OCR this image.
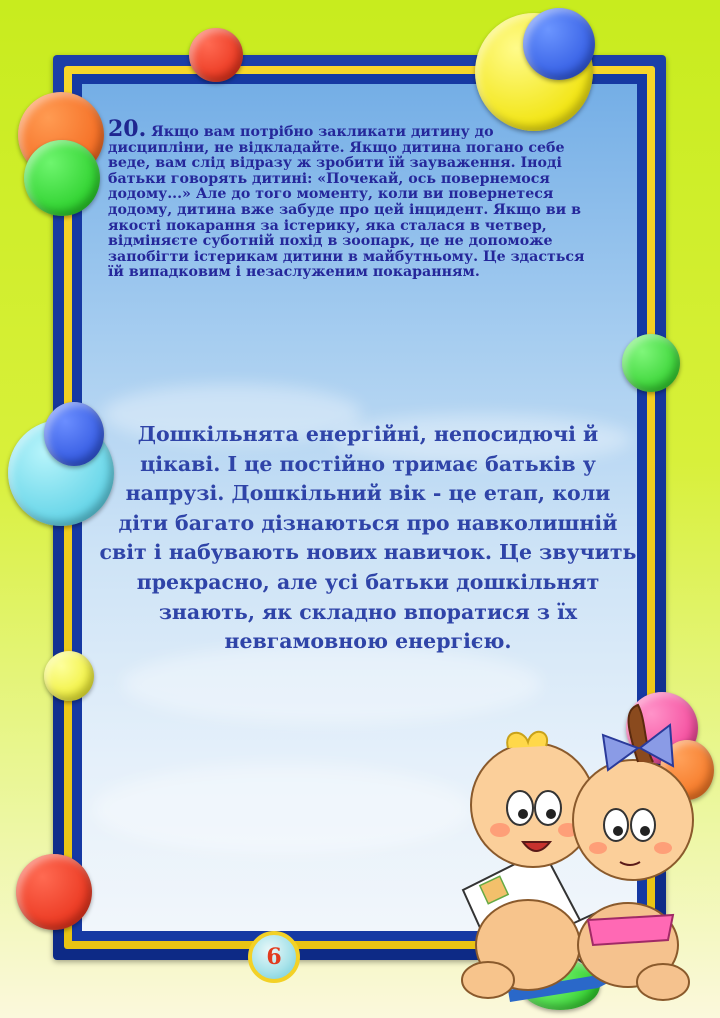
20. Якщо вам потрібно закликати дитину до дисципліни, не відкладайте. Якщо дитина погано себе веде, вам слід відразу ж зробити їй зауваження. Іноді батьки говорять дитині: «Почекай, ось повернемося додому...» Але до того моменту, коли ви повернетеся додому, дитина вже забуде про цей інцидент. Якщо ви в якості покарання за істерику, яка сталася в четвер, відміняєте суботній похід в зоопарк, це не допоможе запобігти істерикам дитини в майбутньому. Це здасться їй випадковим і незаслуженим покаранням.

Дошкільнята енергійні, непосидючі й цікаві. І це постійно тримає батьків у напрузі. Дошкільний вік - це етап, коли діти багато дізнаються про навколишній світ і набувають нових навичок. Це звучить прекрасно, але усі батьки дошкільнят знають, як складно впоратися з їх невгамовною енергією.

6
